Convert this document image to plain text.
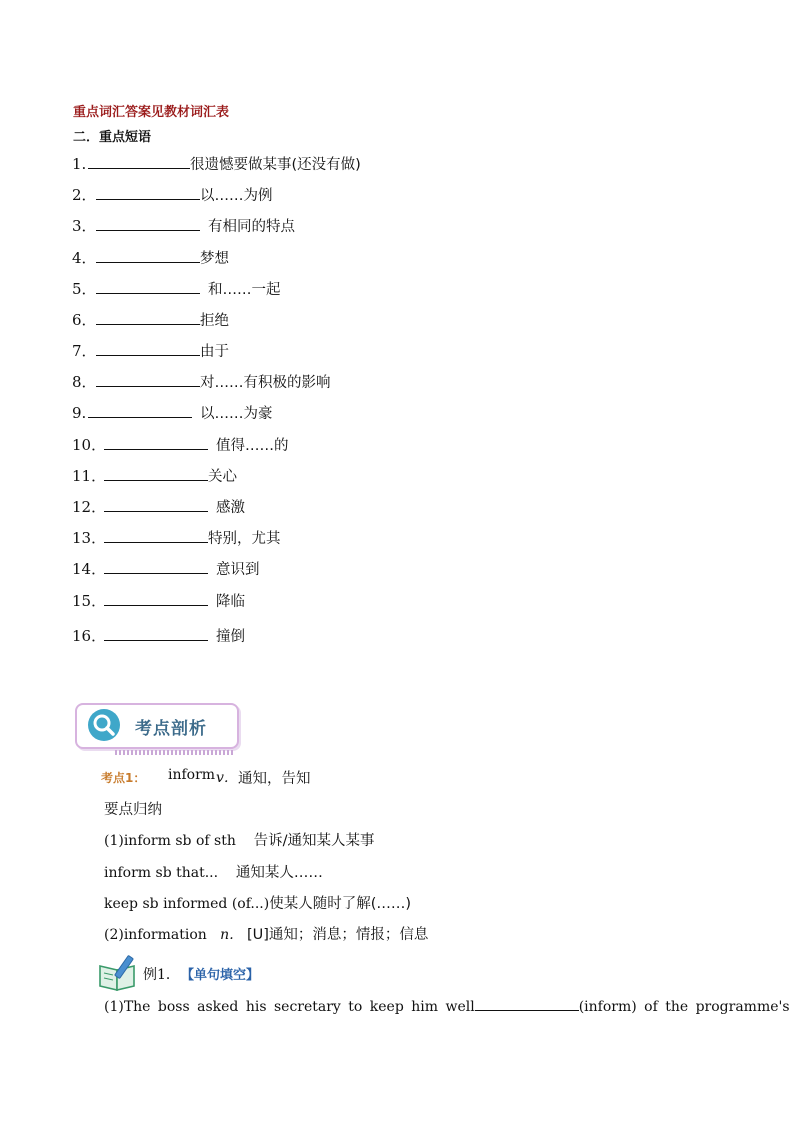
重点词汇答案见教材词汇表
二．重点短语
1.	很遗憾要做某事(还没有做)
2．	以……为例
3．	有相同的特点
4．	梦想
5．	和……一起
6．	拒绝
7．	由于
8．	对……有积极的影响
9.	以……为豪
10．	值得……的
11．	关心
12．	感激
13．	特别，尤其
14．	意识到
15．	降临
16．	撞倒
考点剖析
考点1： inform v． 通知，告知
要点归纳
(1)inform sb of sth 告诉/通知某人某事
inform sb that... 通知某人……
keep sb informed (of...)使某人随时了解(……)
(2)information n. [U]通知；消息；情报；信息
例1． 【单句填空】
(1)The boss asked his secretary to keep him well	(inform) of the programme's
